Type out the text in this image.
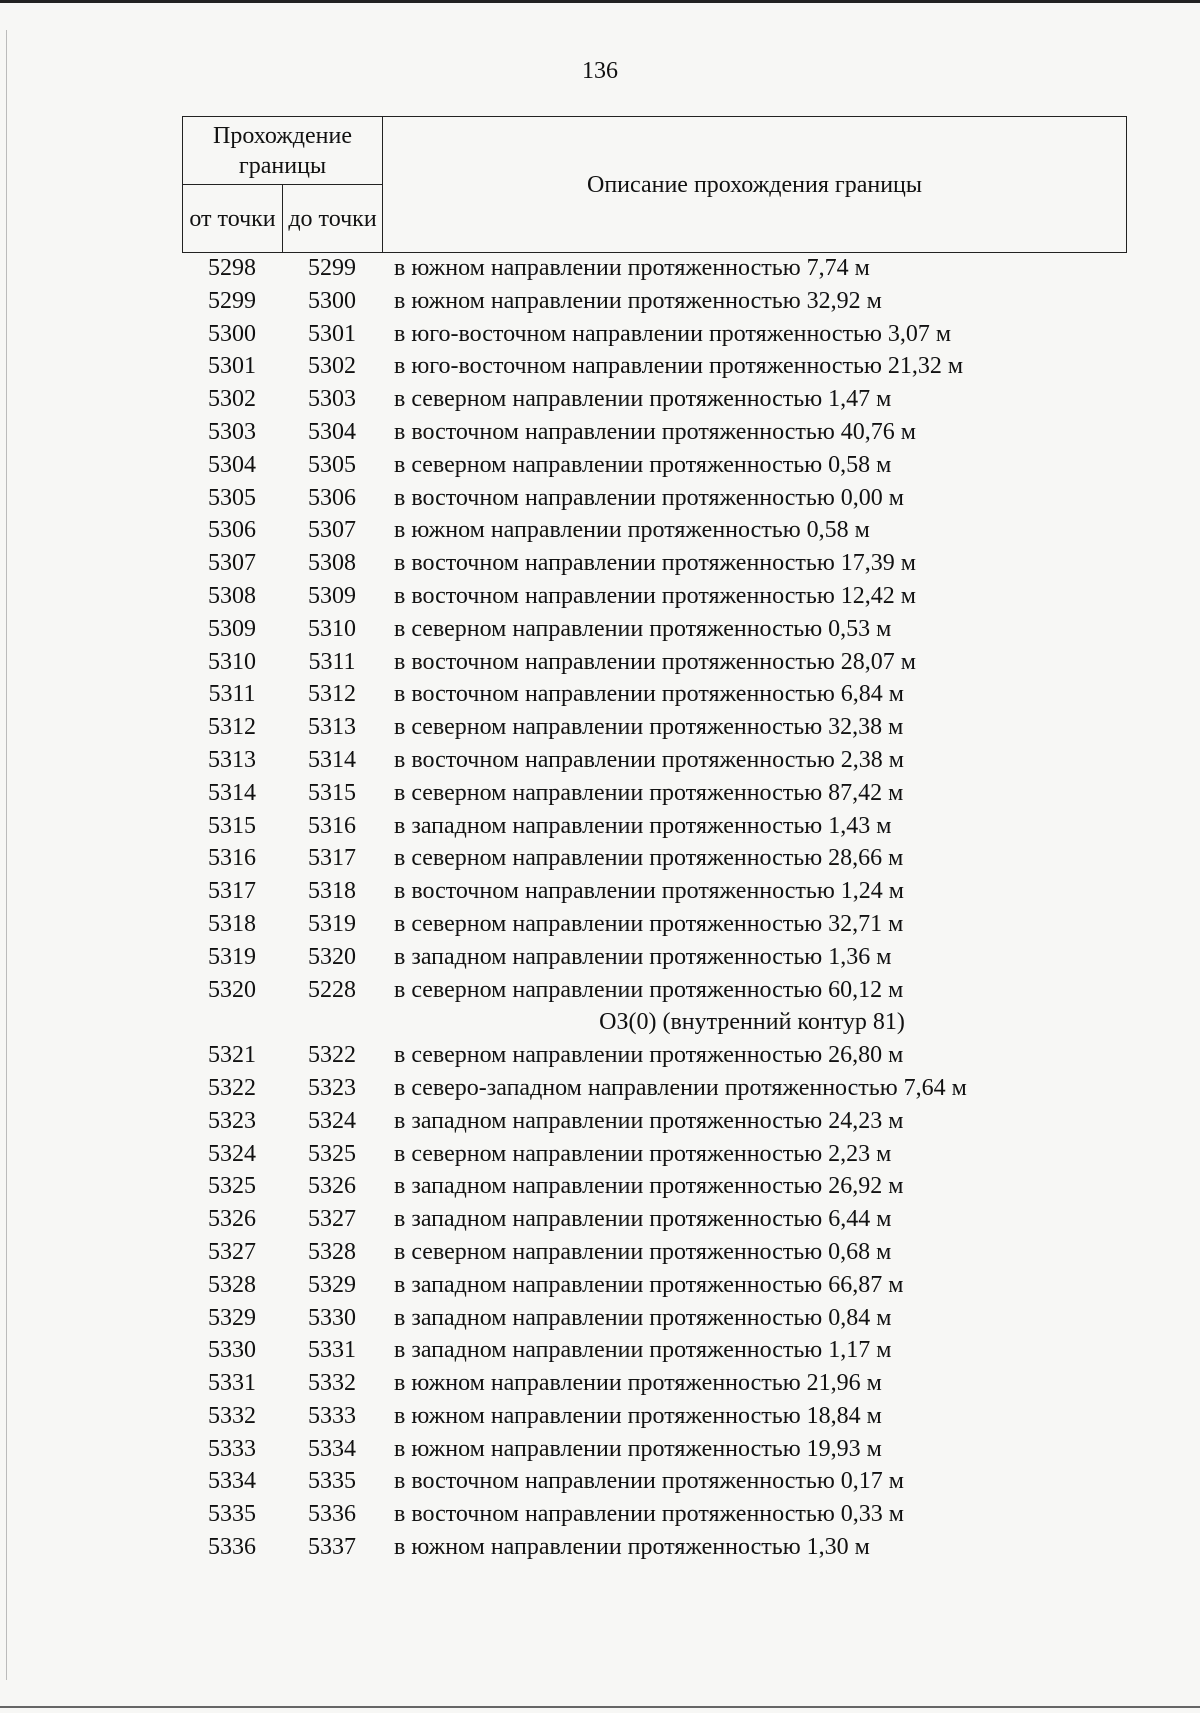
136
Прохождение границы		Описание прохождения границы
от точки	до точки	
5298	5299	в южном направлении протяженностью 7,74 м
5299	5300	в южном направлении протяженностью 32,92 м
5300	5301	в юго-восточном направлении протяженностью 3,07 м
5301	5302	в юго-восточном направлении протяженностью 21,32 м
5302	5303	в северном направлении протяженностью 1,47 м
5303	5304	в восточном направлении протяженностью 40,76 м
5304	5305	в северном направлении протяженностью 0,58 м
5305	5306	в восточном направлении протяженностью 0,00 м
5306	5307	в южном направлении протяженностью 0,58 м
5307	5308	в восточном направлении протяженностью 17,39 м
5308	5309	в восточном направлении протяженностью 12,42 м
5309	5310	в северном направлении протяженностью 0,53 м
5310	5311	в восточном направлении протяженностью 28,07 м
5311	5312	в восточном направлении протяженностью 6,84 м
5312	5313	в северном направлении протяженностью 32,38 м
5313	5314	в восточном направлении протяженностью 2,38 м
5314	5315	в северном направлении протяженностью 87,42 м
5315	5316	в западном направлении протяженностью 1,43 м
5316	5317	в северном направлении протяженностью 28,66 м
5317	5318	в восточном направлении протяженностью 1,24 м
5318	5319	в северном направлении протяженностью 32,71 м
5319	5320	в западном направлении протяженностью 1,36 м
5320	5228	в северном направлении протяженностью 60,12 м
ОЗ(0) (внутренний контур 81)
5321	5322	в северном направлении протяженностью 26,80 м
5322	5323	в северо-западном направлении протяженностью 7,64 м
5323	5324	в западном направлении протяженностью 24,23 м
5324	5325	в северном направлении протяженностью 2,23 м
5325	5326	в западном направлении протяженностью 26,92 м
5326	5327	в западном направлении протяженностью 6,44 м
5327	5328	в северном направлении протяженностью 0,68 м
5328	5329	в западном направлении протяженностью 66,87 м
5329	5330	в западном направлении протяженностью 0,84 м
5330	5331	в западном направлении протяженностью 1,17 м
5331	5332	в южном направлении протяженностью 21,96 м
5332	5333	в южном направлении протяженностью 18,84 м
5333	5334	в южном направлении протяженностью 19,93 м
5334	5335	в восточном направлении протяженностью 0,17 м
5335	5336	в восточном направлении протяженностью 0,33 м
5336	5337	в южном направлении протяженностью 1,30 м
